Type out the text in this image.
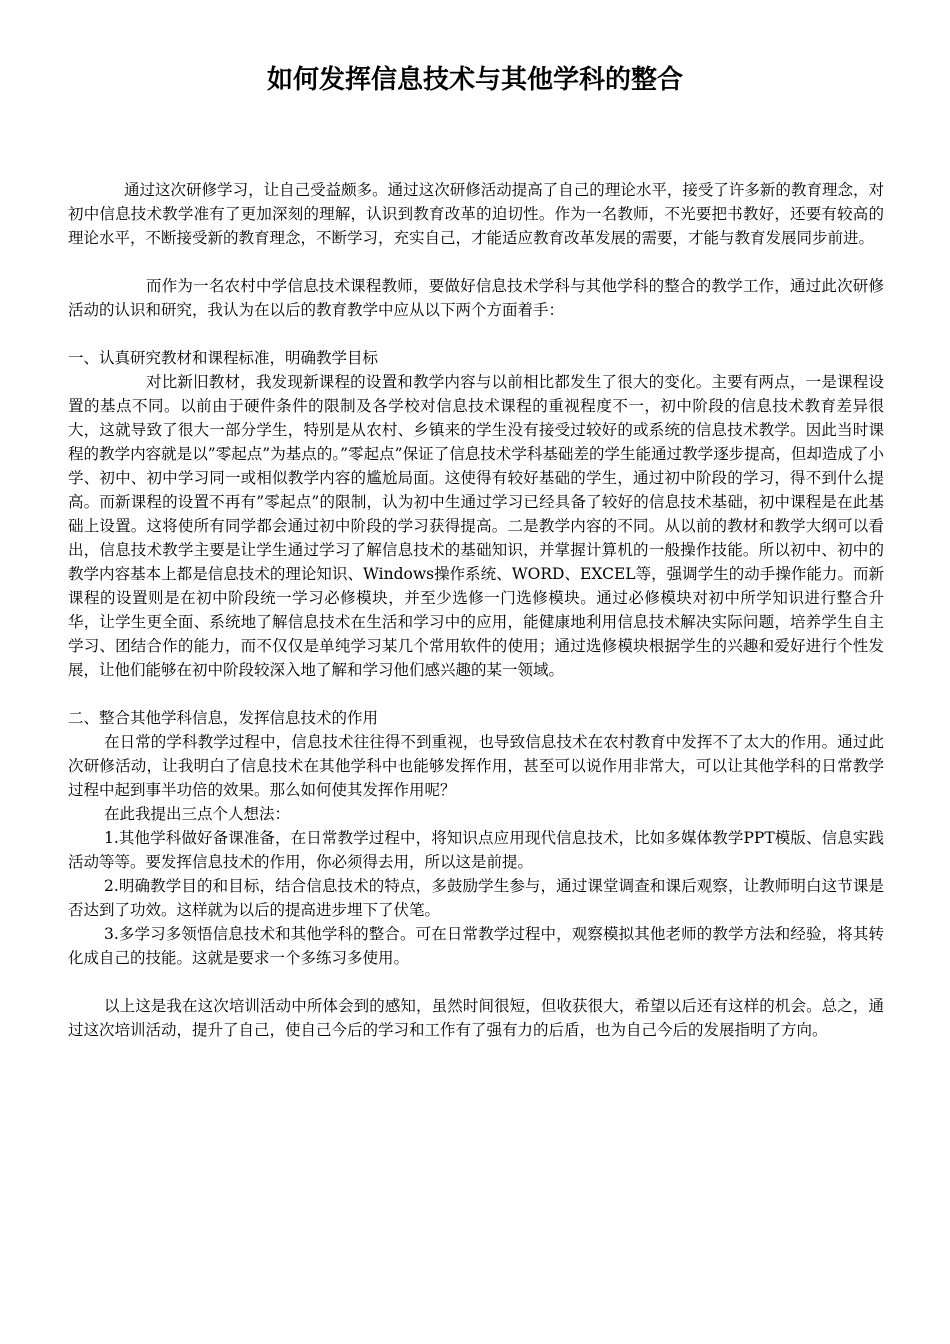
如何发挥信息技术与其他学科的整合

通过这次研修学习，让自己受益颇多。通过这次研修活动提高了自己的理论水平，接受了许多新的教育理念，对初中信息技术教学准有了更加深刻的理解，认识到教育改革的迫切性。作为一名教师，不光要把书教好，还要有较高的理论水平，不断接受新的教育理念，不断学习，充实自己，才能适应教育改革发展的需要，才能与教育发展同步前进。

而作为一名农村中学信息技术课程教师，要做好信息技术学科与其他学科的整合的教学工作，通过此次研修活动的认识和研究，我认为在以后的教育教学中应从以下两个方面着手：

一、认真研究教材和课程标准，明确教学目标

对比新旧教材，我发现新课程的设置和教学内容与以前相比都发生了很大的变化。主要有两点，一是课程设置的基点不同。以前由于硬件条件的限制及各学校对信息技术课程的重视程度不一，初中阶段的信息技术教育差异很大，这就导致了很大一部分学生，特别是从农村、乡镇来的学生没有接受过较好的或系统的信息技术教学。因此当时课程的教学内容就是以”零起点”为基点的。”零起点”保证了信息技术学科基础差的学生能通过教学逐步提高，但却造成了小学、初中、初中学习同一或相似教学内容的尴尬局面。这使得有较好基础的学生，通过初中阶段的学习，得不到什么提高。而新课程的设置不再有”零起点”的限制，认为初中生通过学习已经具备了较好的信息技术基础，初中课程是在此基础上设置。这将使所有同学都会通过初中阶段的学习获得提高。二是教学内容的不同。从以前的教材和教学大纲可以看出，信息技术教学主要是让学生通过学习了解信息技术的基础知识，并掌握计算机的一般操作技能。所以初中、初中的教学内容基本上都是信息技术的理论知识、Windows操作系统、WORD、EXCEL等，强调学生的动手操作能力。而新课程的设置则是在初中阶段统一学习必修模块，并至少选修一门选修模块。通过必修模块对初中所学知识进行整合升华，让学生更全面、系统地了解信息技术在生活和学习中的应用，能健康地利用信息技术解决实际问题，培养学生自主学习、团结合作的能力，而不仅仅是单纯学习某几个常用软件的使用；通过选修模块根据学生的兴趣和爱好进行个性发展，让他们能够在初中阶段较深入地了解和学习他们感兴趣的某一领域。

二、整合其他学科信息，发挥信息技术的作用

在日常的学科教学过程中，信息技术往往得不到重视，也导致信息技术在农村教育中发挥不了太大的作用。通过此次研修活动，让我明白了信息技术在其他学科中也能够发挥作用，甚至可以说作用非常大，可以让其他学科的日常教学过程中起到事半功倍的效果。那么如何使其发挥作用呢？

在此我提出三点个人想法：

1.其他学科做好备课准备，在日常教学过程中，将知识点应用现代信息技术，比如多媒体教学PPT模版、信息实践活动等等。要发挥信息技术的作用，你必须得去用，所以这是前提。

2.明确教学目的和目标，结合信息技术的特点，多鼓励学生参与，通过课堂调查和课后观察，让教师明白这节课是否达到了功效。这样就为以后的提高进步埋下了伏笔。

3.多学习多领悟信息技术和其他学科的整合。可在日常教学过程中，观察模拟其他老师的教学方法和经验，将其转化成自己的技能。这就是要求一个多练习多使用。

以上这是我在这次培训活动中所体会到的感知，虽然时间很短，但收获很大，希望以后还有这样的机会。总之，通过这次培训活动，提升了自己，使自己今后的学习和工作有了强有力的后盾，也为自己今后的发展指明了方向。
